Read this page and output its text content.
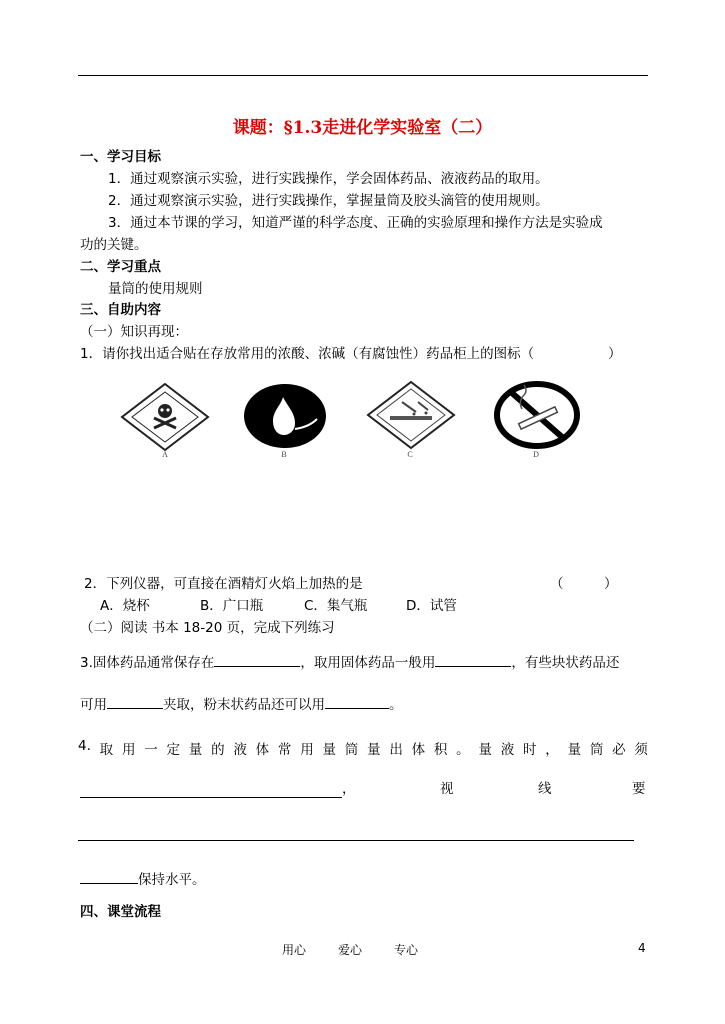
课题：§1.3走进化学实验室（二）
一、学习目标
1．通过观察演示实验，进行实践操作，学会固体药品、液液药品的取用。
2．通过观察演示实验，进行实践操作，掌握量筒及胶头滴管的使用规则。
3．通过本节课的学习，知道严谨的科学态度、正确的实验原理和操作方法是实验成
功的关键。
二、学习重点
量筒的使用规则
三、自助内容
（一）知识再现：
1．请你找出适合贴在存放常用的浓酸、浓碱（有腐蚀性）药品柜上的图标（	）
A	B	C	D
2．下列仪器，可直接在酒精灯火焰上加热的是	（	）
A．烧杯	B．广口瓶	C．集气瓶	D．试管
（二）阅读 书本 18-20 页，完成下列练习
3.固体药品通常保存在	，取用固体药品一般用	，有些块状药品还
可用	夹取，粉末状药品还可以用	。
4. 取 用 一 定 量 的 液 体 常 用 量 筒 量 出 体 积 。 量 液 时 ， 量 筒 必 须
，	视	线	要
保持水平。
四、课堂流程
用心	爱心	专心	4
